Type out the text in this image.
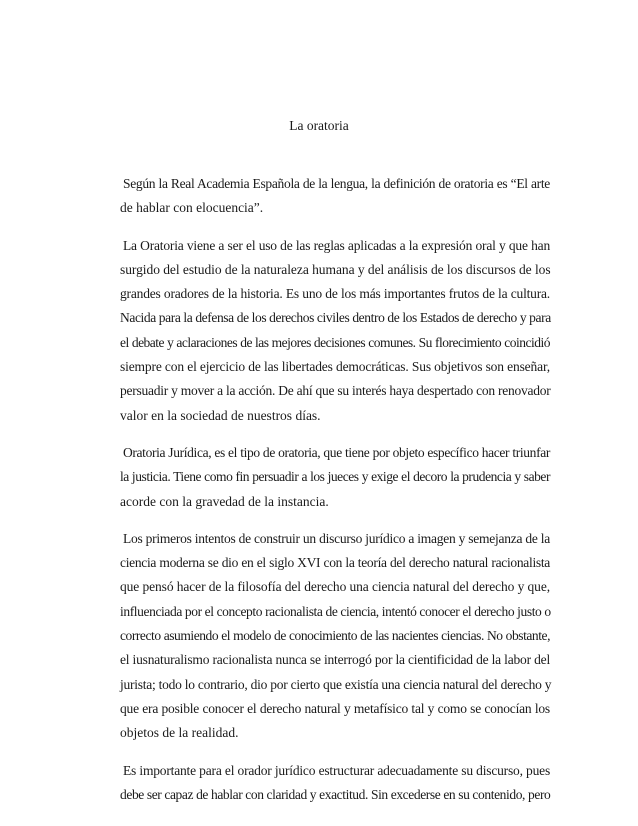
La oratoria
Según la Real Academia Española de la lengua, la definición de oratoria es “El arte
de hablar con elocuencia”.
La Oratoria viene a ser el uso de las reglas aplicadas a la expresión oral y que han
surgido del estudio de la naturaleza humana y del análisis de los discursos de los
grandes oradores de la historia. Es uno de los más importantes frutos de la cultura.
Nacida para la defensa de los derechos civiles dentro de los Estados de derecho y para
el debate y aclaraciones de las mejores decisiones comunes. Su florecimiento coincidió
siempre con el ejercicio de las libertades democráticas. Sus objetivos son enseñar,
persuadir y mover a la acción. De ahí que su interés haya despertado con renovador
valor en la sociedad de nuestros días.
Oratoria Jurídica, es el tipo de oratoria, que tiene por objeto específico hacer triunfar
la justicia. Tiene como fin persuadir a los jueces y exige el decoro la prudencia y saber
acorde con la gravedad de la instancia.
Los primeros intentos de construir un discurso jurídico a imagen y semejanza de la
ciencia moderna se dio en el siglo XVI con la teoría del derecho natural racionalista
que pensó hacer de la filosofía del derecho una ciencia natural del derecho y que,
influenciada por el concepto racionalista de ciencia, intentó conocer el derecho justo o
correcto asumiendo el modelo de conocimiento de las nacientes ciencias. No obstante,
el iusnaturalismo racionalista nunca se interrogó por la cientificidad de la labor del
jurista; todo lo contrario, dio por cierto que existía una ciencia natural del derecho y
que era posible conocer el derecho natural y metafísico tal y como se conocían los
objetos de la realidad.
Es importante para el orador jurídico estructurar adecuadamente su discurso, pues
debe ser capaz de hablar con claridad y exactitud. Sin excederse en su contenido, pero
